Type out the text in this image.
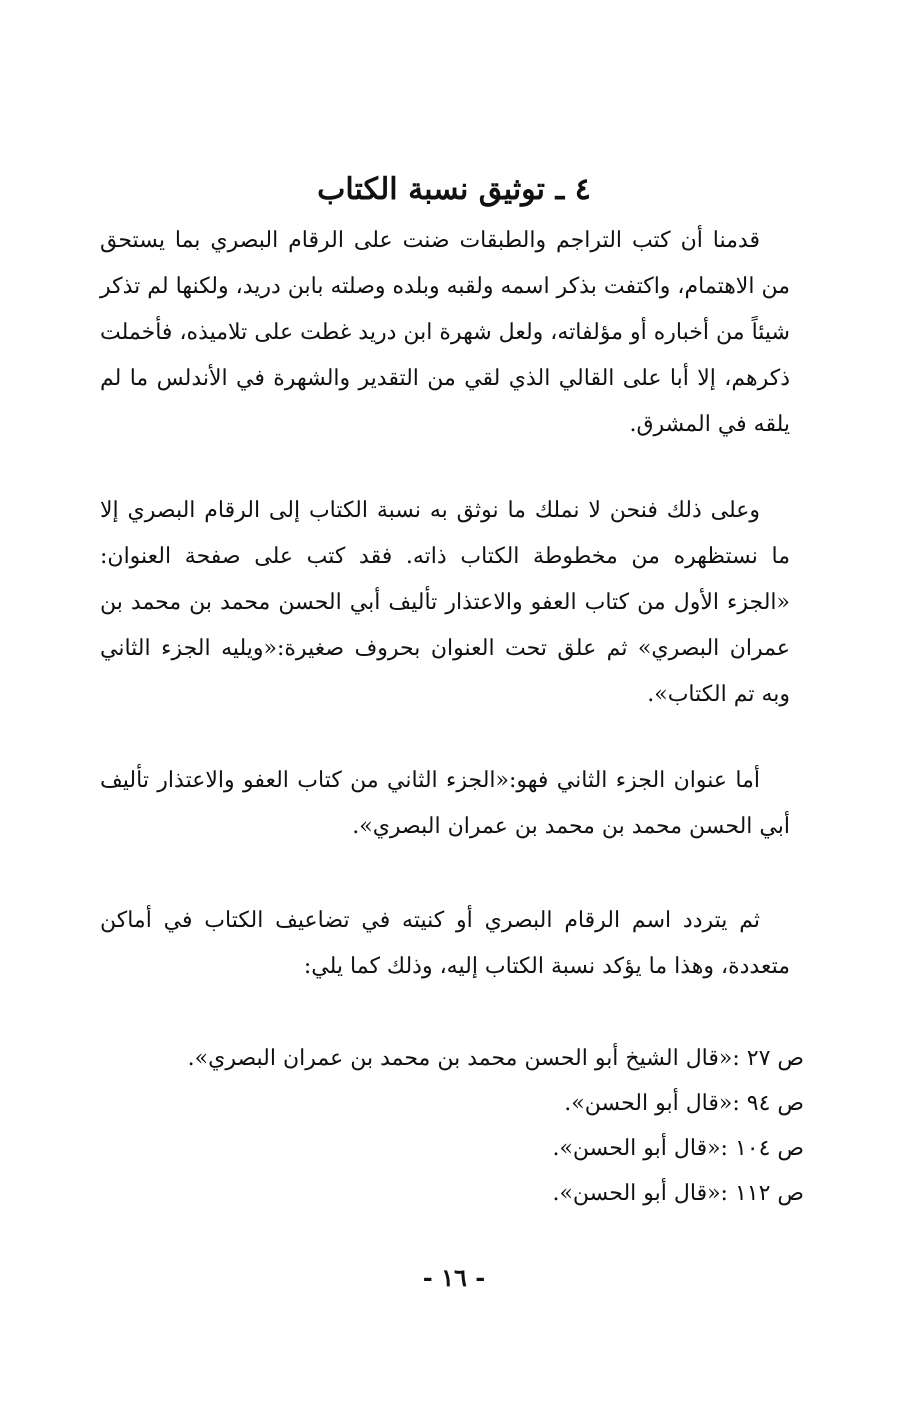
٤ ـ توثيق نسبة الكتاب

قدمنا أن كتب التراجم والطبقات ضنت على الرقام البصري بما يستحق من الاهتمام، واكتفت بذكر اسمه ولقبه وبلده وصلته بابن دريد، ولكنها لم تذكر شيئاً من أخباره أو مؤلفاته، ولعل شهرة ابن دريد غطت على تلاميذه، فأخملت ذكرهم، إلا أبا على القالي الذي لقي من التقدير والشهرة في الأندلس ما لم يلقه في المشرق.

وعلى ذلك فنحن لا نملك ما نوثق به نسبة الكتاب إلى الرقام البصري إلا ما نستظهره من مخطوطة الكتاب ذاته. فقد كتب على صفحة العنوان: «الجزء الأول من كتاب العفو والاعتذار تأليف أبي الحسن محمد بن محمد بن عمران البصري» ثم علق تحت العنوان بحروف صغيرة:«ويليه الجزء الثاني وبه تم الكتاب».

أما عنوان الجزء الثاني فهو:«الجزء الثاني من كتاب العفو والاعتذار تأليف أبي الحسن محمد بن محمد بن عمران البصري».

ثم يتردد اسم الرقام البصري أو كنيته في تضاعيف الكتاب في أماكن متعددة، وهذا ما يؤكد نسبة الكتاب إليه، وذلك كما يلي:

ص ٢٧ :«قال الشيخ أبو الحسن محمد بن محمد بن عمران البصري».
ص ٩٤ :«قال أبو الحسن».
ص ١٠٤ :«قال أبو الحسن».
ص ١١٢ :«قال أبو الحسن».
- ١٦ -
